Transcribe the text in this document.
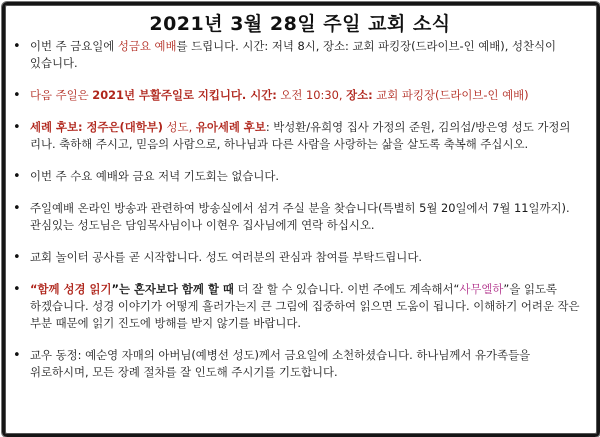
2021년 3월 28일 주일 교회 소식
• 이번 주 금요일에 성금요 예배를 드립니다. 시간: 저녁 8시, 장소: 교회 파킹장(드라이브-인 예배), 성찬식이 있습니다.
• 다음 주일은 2021년 부활주일로 지킵니다. 시간: 오전 10:30, 장소: 교회 파킹장(드라이브-인 예배)
• 세례 후보: 정주은(대학부) 성도, 유아세례 후보: 박성환/유희영 집사 가정의 준원, 김의섭/방은영 성도 가정의 리나. 축하해 주시고, 믿음의 사람으로, 하나님과 다른 사람을 사랑하는 삶을 살도록 축복해 주십시오.
• 이번 주 수요 예배와 금요 저녁 기도회는 없습니다.
• 주일예배 온라인 방송과 관련하여 방송실에서 섬겨 주실 분을 찾습니다(특별히 5월 20일에서 7월 11일까지). 관심있는 성도님은 담임목사님이나 이현우 집사님에게 연락 하십시오.
• 교회 놀이터 공사를 곧 시작합니다. 성도 여러분의 관심과 참여를 부탁드립니다.
• “함께 성경 읽기”는 혼자보다 함께 할 때 더 잘 할 수 있습니다. 이번 주에도 계속해서“사무엘하”을 읽도록 하겠습니다. 성경 이야기가 어떻게 흘러가는지 큰 그림에 집중하여 읽으면 도움이 됩니다. 이해하기 어려운 작은 부분 때문에 읽기 진도에 방해를 받지 않기를 바랍니다.
• 교우 동정: 예순영 자매의 아버님(예병선 성도)께서 금요일에 소천하셨습니다. 하나님께서 유가족들을 위로하시며, 모든 장례 절차를 잘 인도해 주시기를 기도합니다.
